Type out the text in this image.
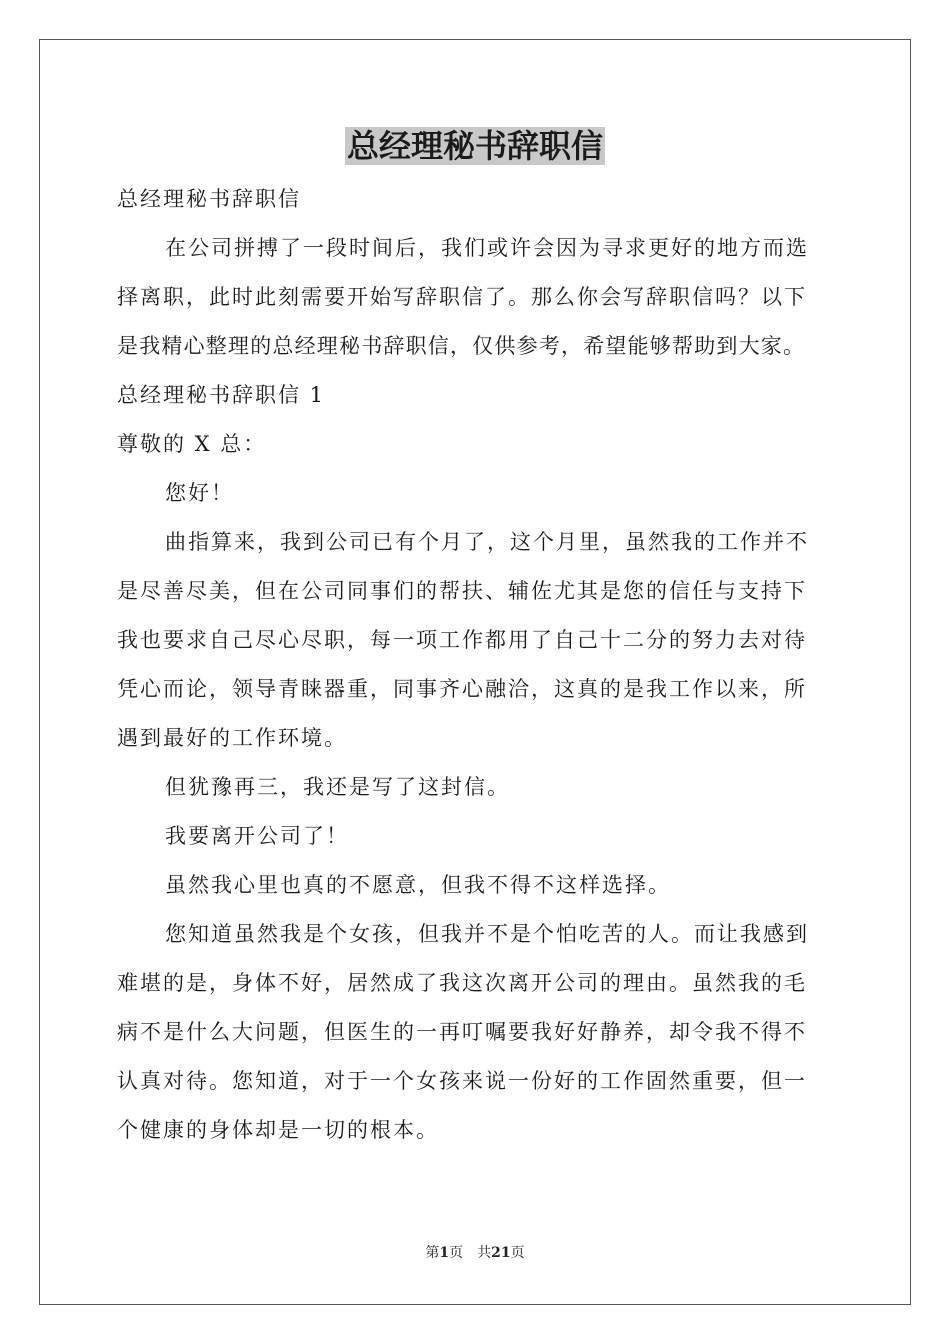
总经理秘书辞职信

总经理秘书辞职信

在公司拼搏了一段时间后，我们或许会因为寻求更好的地方而选

择离职，此时此刻需要开始写辞职信了。那么你会写辞职信吗？以下

是我精心整理的总经理秘书辞职信，仅供参考，希望能够帮助到大家。

总经理秘书辞职信 1

尊敬的 X 总：

您好！

曲指算来，我到公司已有个月了，这个月里，虽然我的工作并不

是尽善尽美，但在公司同事们的帮扶、辅佐尤其是您的信任与支持下

我也要求自己尽心尽职，每一项工作都用了自己十二分的努力去对待

凭心而论，领导青睐器重，同事齐心融洽，这真的是我工作以来，所

遇到最好的工作环境。

但犹豫再三，我还是写了这封信。

我要离开公司了！

虽然我心里也真的不愿意，但我不得不这样选择。

您知道虽然我是个女孩，但我并不是个怕吃苦的人。而让我感到

难堪的是，身体不好，居然成了我这次离开公司的理由。虽然我的毛

病不是什么大问题，但医生的一再叮嘱要我好好静养，却令我不得不

认真对待。您知道，对于一个女孩来说一份好的工作固然重要，但一

个健康的身体却是一切的根本。

第1页 共21页
